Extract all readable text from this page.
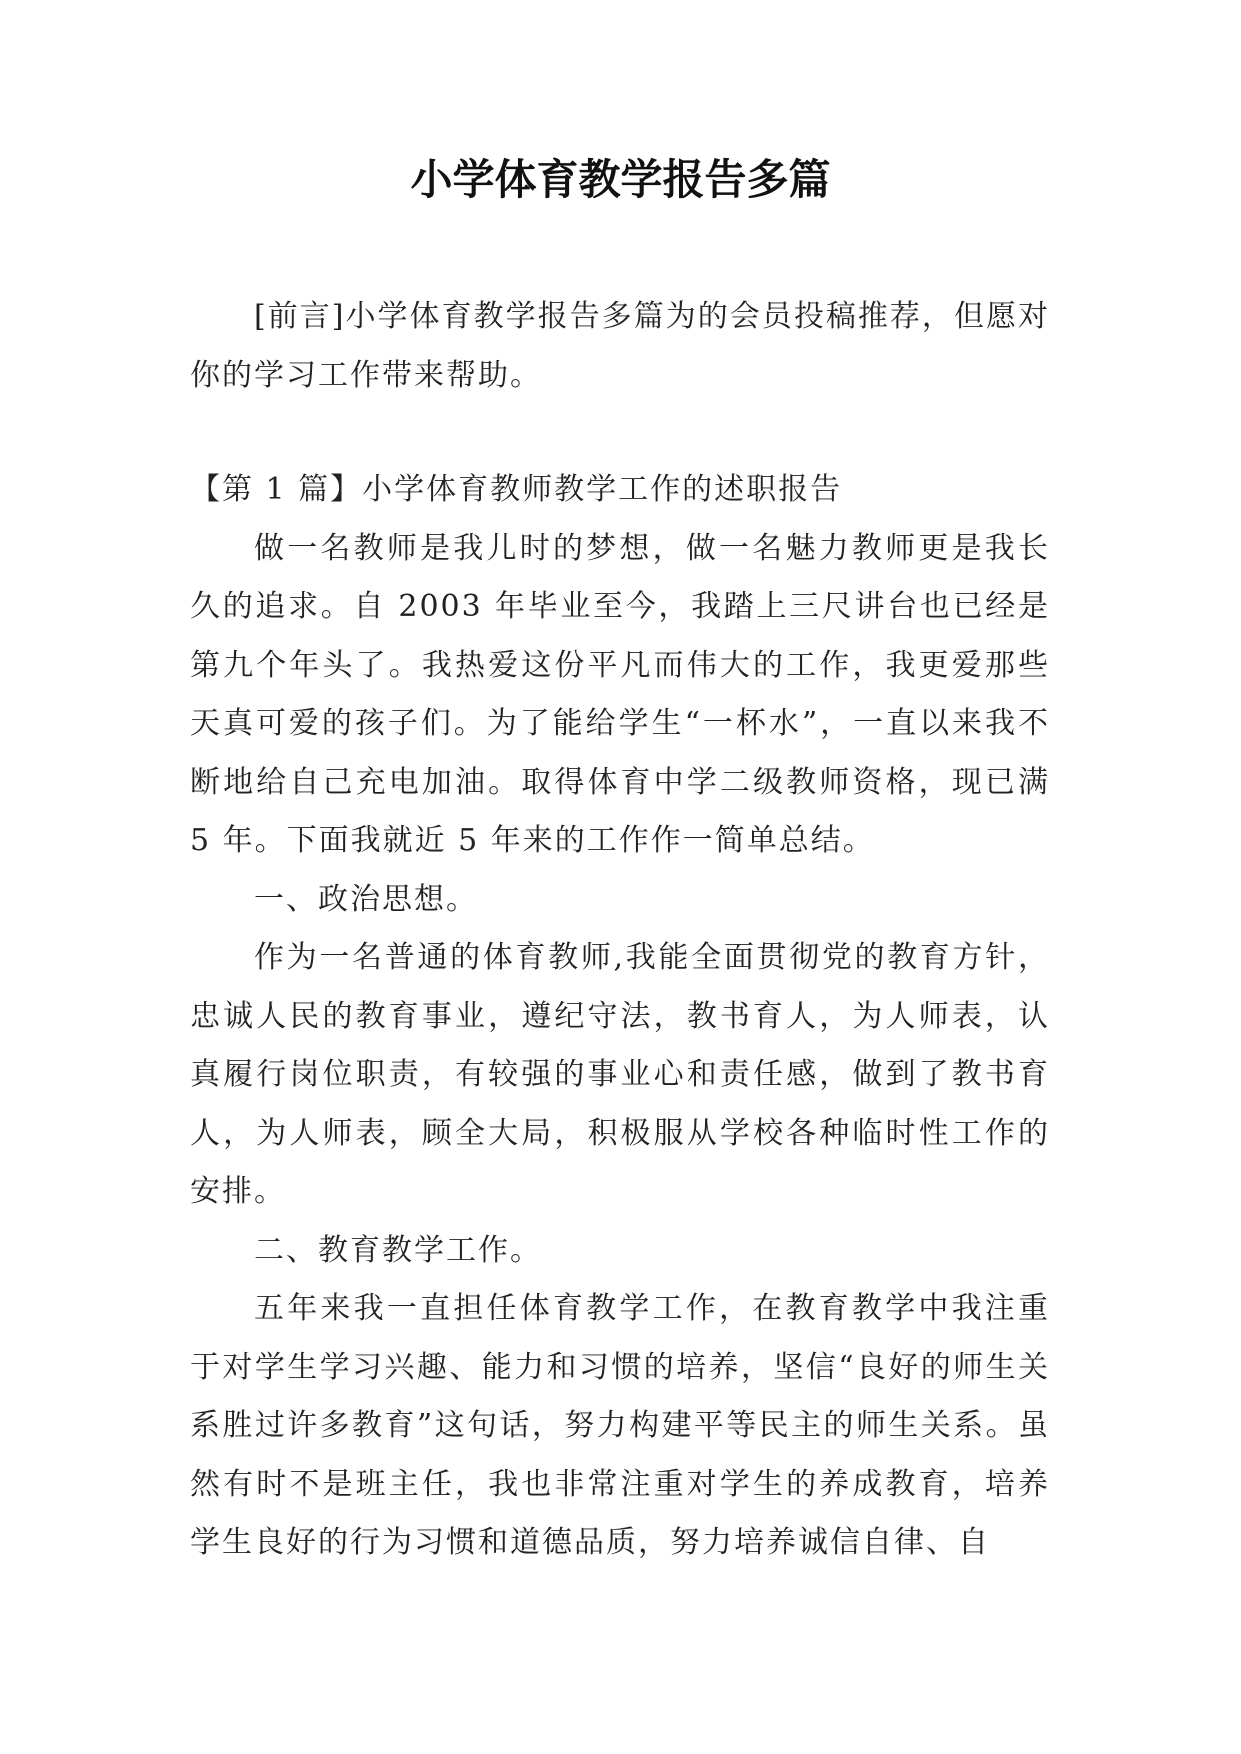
小学体育教学报告多篇

[前言]小学体育教学报告多篇为的会员投稿推荐，但愿对你的学习工作带来帮助。

【第 1 篇】小学体育教师教学工作的述职报告

做一名教师是我儿时的梦想，做一名魅力教师更是我长久的追求。自 2003 年毕业至今，我踏上三尺讲台也已经是第九个年头了。我热爱这份平凡而伟大的工作，我更爱那些天真可爱的孩子们。为了能给学生“一杯水”，一直以来我不断地给自己充电加油。取得体育中学二级教师资格，现已满 5 年。下面我就近 5 年来的工作作一简单总结。

一、政治思想。

作为一名普通的体育教师,我能全面贯彻党的教育方针，忠诚人民的教育事业，遵纪守法，教书育人，为人师表，认真履行岗位职责，有较强的事业心和责任感，做到了教书育人，为人师表，顾全大局，积极服从学校各种临时性工作的安排。

二、教育教学工作。

五年来我一直担任体育教学工作，在教育教学中我注重于对学生学习兴趣、能力和习惯的培养，坚信“良好的师生关系胜过许多教育”这句话，努力构建平等民主的师生关系。虽然有时不是班主任，我也非常注重对学生的养成教育，培养学生良好的行为习惯和道德品质，努力培养诚信自律、自
